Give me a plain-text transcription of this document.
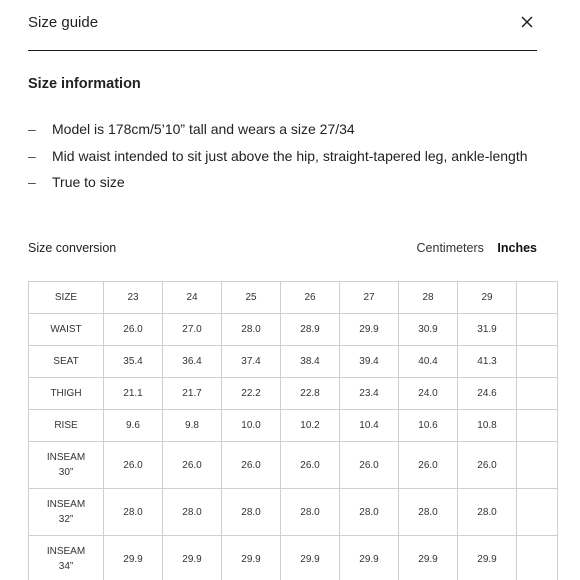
Size guide
Size information
–	Model is 178cm/5’10” tall and wears a size 27/34
–	Mid waist intended to sit just above the hip, straight-tapered leg, ankle-length
–	True to size
Size conversion	Centimeters Inches
SIZE	23	24	25	26	27	28	29	
WAIST	26.0	27.0	28.0	28.9	29.9	30.9	31.9	
SEAT	35.4	36.4	37.4	38.4	39.4	40.4	41.3	
THIGH	21.1	21.7	22.2	22.8	23.4	24.0	24.6	
RISE	9.6	9.8	10.0	10.2	10.4	10.6	10.8	
INSEAM
30”	26.0	26.0	26.0	26.0	26.0	26.0	26.0	
INSEAM
32”	28.0	28.0	28.0	28.0	28.0	28.0	28.0	
INSEAM
34”	29.9	29.9	29.9	29.9	29.9	29.9	29.9	
